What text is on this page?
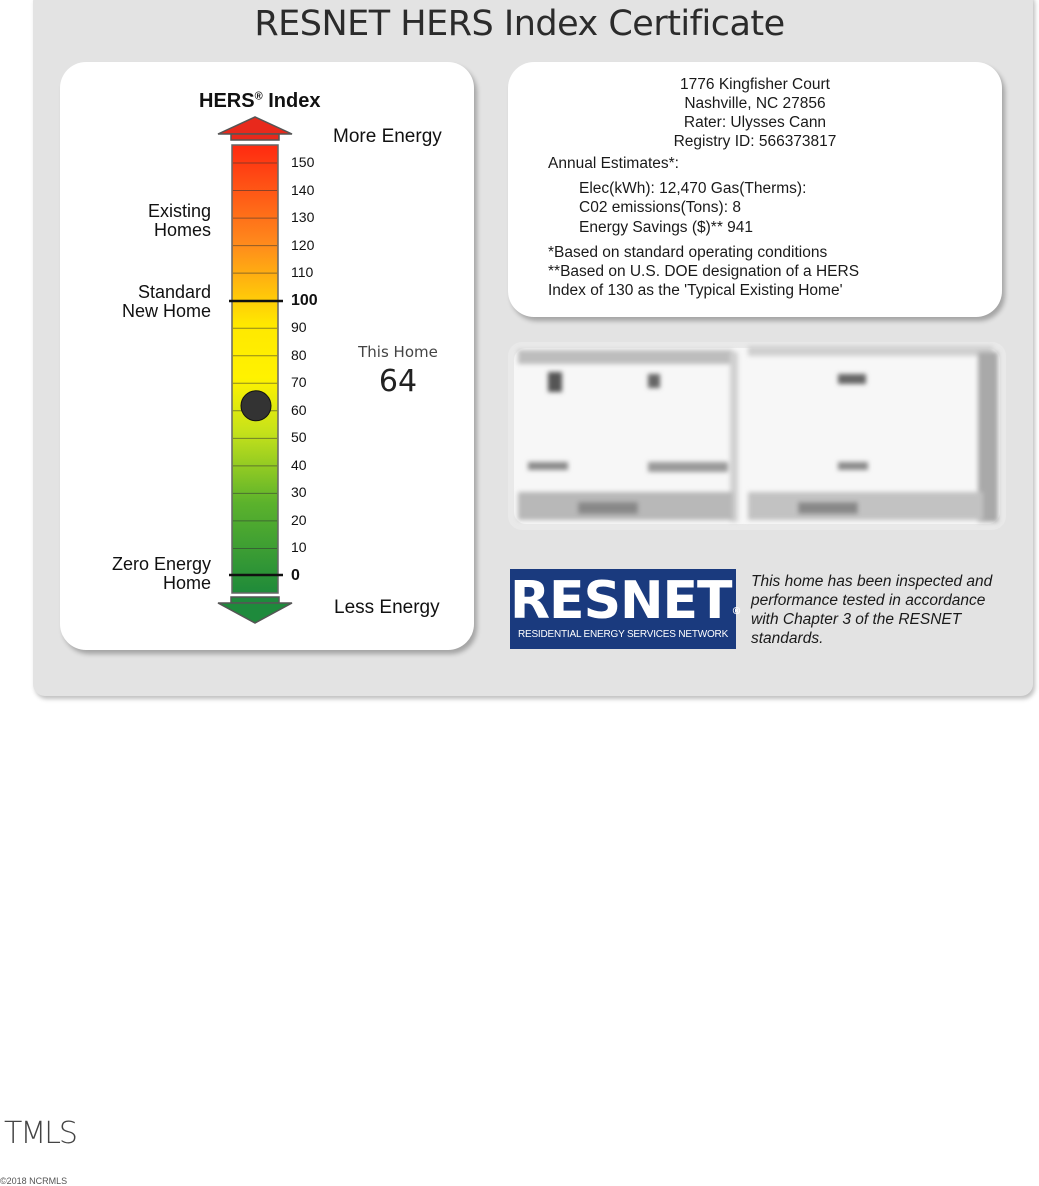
RESNET HERS Index Certificate
HERS® Index
More Energy
Less Energy
Existing
Homes
Standard
New Home
Zero Energy
Home
150
140
130
120
110
100
90
80
70
60
50
40
30
20
10
0
This Home
64
1776 Kingfisher Court
Nashville, NC 27856
Rater: Ulysses Cann
Registry ID: 566373817
Annual Estimates*:
Elec(kWh): 12,470 Gas(Therms):
C02 emissions(Tons): 8
Energy Savings ($)** 941
*Based on standard operating conditions
**Based on U.S. DOE designation of a HERS
Index of 130 as the 'Typical Existing Home'
RESNET®
RESIDENTIAL ENERGY SERVICES NETWORK
This home has been inspected and performance tested in accordance with Chapter 3 of the RESNET standards.
TMLS
©2018 NCRMLS
